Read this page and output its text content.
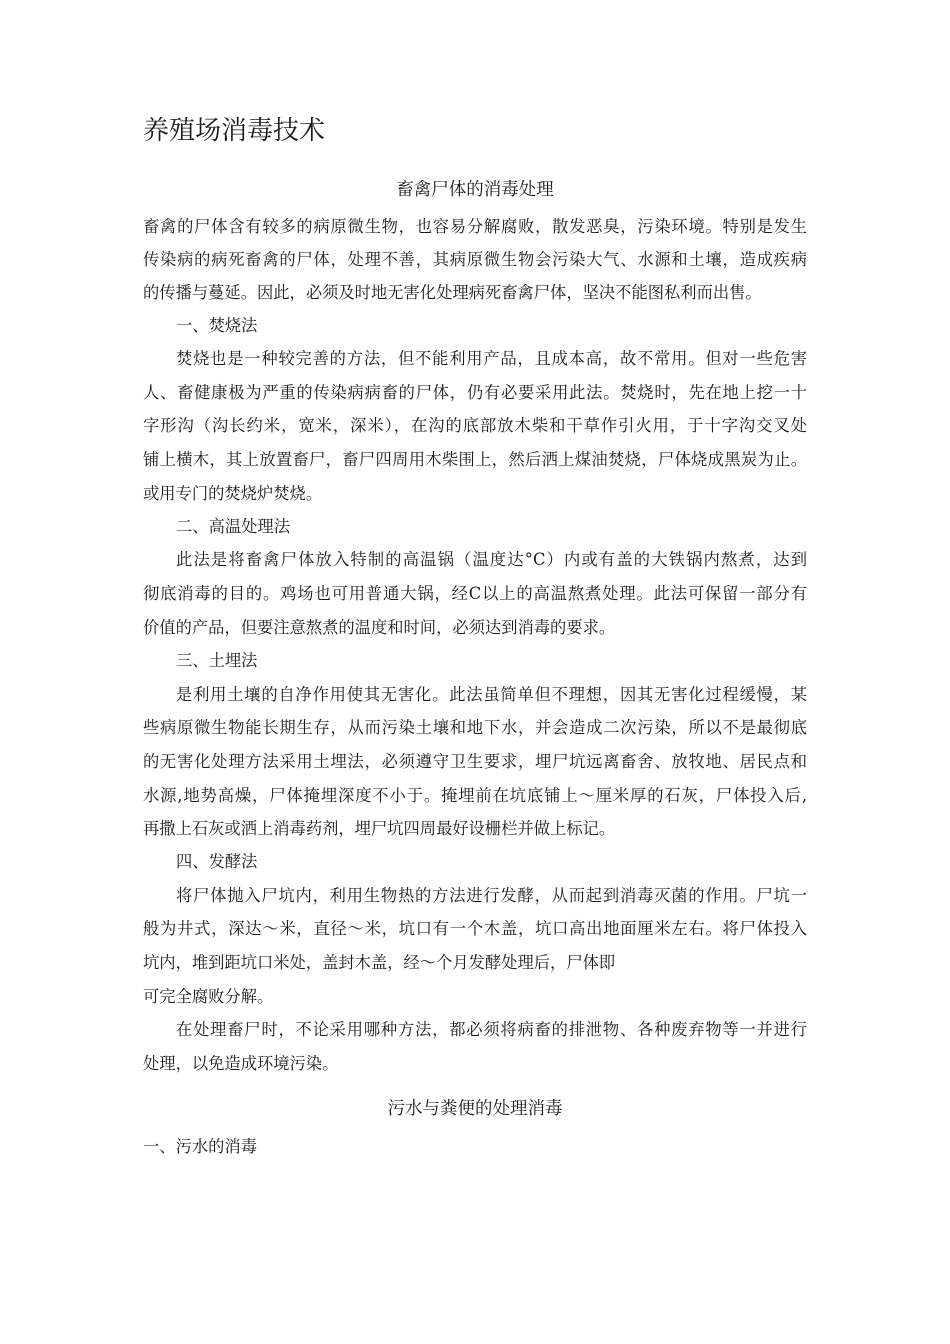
养殖场消毒技术
畜禽尸体的消毒处理
畜禽的尸体含有较多的病原微生物，也容易分解腐败，散发恶臭，污染环境。特别是发生
传染病的病死畜禽的尸体，处理不善，其病原微生物会污染大气、水源和土壤，造成疾病
的传播与蔓延。因此，必须及时地无害化处理病死畜禽尸体，坚决不能图私利而出售。
一、焚烧法
焚烧也是一种较完善的方法，但不能利用产品，且成本高，故不常用。但对一些危害
人、畜健康极为严重的传染病病畜的尸体，仍有必要采用此法。焚烧时，先在地上挖一十
字形沟（沟长约米，宽米，深米），在沟的底部放木柴和干草作引火用，于十字沟交叉处
铺上横木，其上放置畜尸，畜尸四周用木柴围上，然后洒上煤油焚烧，尸体烧成黑炭为止。
或用专门的焚烧炉焚烧。
二、高温处理法
此法是将畜禽尸体放入特制的高温锅（温度达°C）内或有盖的大铁锅内熬煮，达到
彻底消毒的目的。鸡场也可用普通大锅，经C以上的高温熬煮处理。此法可保留一部分有
价值的产品，但要注意熬煮的温度和时间，必须达到消毒的要求。
三、土埋法
是利用土壤的自净作用使其无害化。此法虽简单但不理想，因其无害化过程缓慢，某
些病原微生物能长期生存，从而污染土壤和地下水，并会造成二次污染，所以不是最彻底
的无害化处理方法采用土埋法，必须遵守卫生要求，埋尸坑远离畜舍、放牧地、居民点和
水源,地势高燥，尸体掩埋深度不小于。掩埋前在坑底铺上〜厘米厚的石灰，尸体投入后,
再撒上石灰或洒上消毒药剂，埋尸坑四周最好设栅栏并做上标记。
四、发酵法
将尸体抛入尸坑内，利用生物热的方法进行发酵，从而起到消毒灭菌的作用。尸坑一
般为井式，深达〜米，直径〜米，坑口有一个木盖，坑口高出地面厘米左右。将尸体投入
坑内，堆到距坑口米处，盖封木盖，经〜个月发酵处理后，尸体即
可完全腐败分解。
在处理畜尸时，不论采用哪种方法，都必须将病畜的排泄物、各种废弃物等一并进行
处理，以免造成环境污染。
污水与粪便的处理消毒
一、污水的消毒
